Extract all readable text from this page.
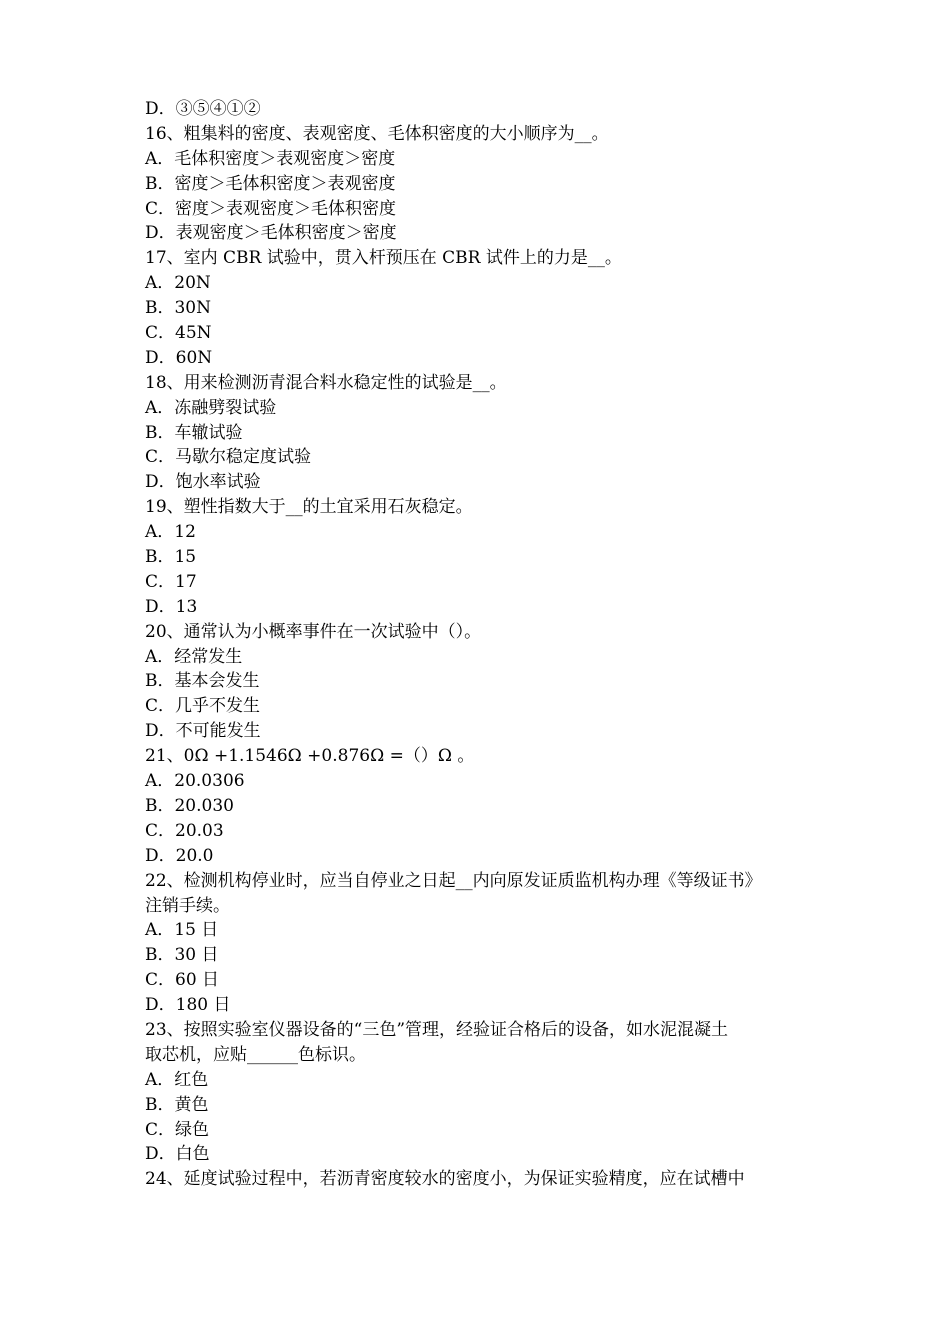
D．③⑤④①②
16、粗集料的密度、表观密度、毛体积密度的大小顺序为__。
A．毛体积密度＞表观密度＞密度
B．密度＞毛体积密度＞表观密度
C．密度＞表观密度＞毛体积密度
D．表观密度＞毛体积密度＞密度
17、室内 CBR 试验中，贯入杆预压在 CBR 试件上的力是__。
A．20N
B．30N
C．45N
D．60N
18、用来检测沥青混合料水稳定性的试验是__。
A．冻融劈裂试验
B．车辙试验
C．马歇尔稳定度试验
D．饱水率试验
19、塑性指数大于__的土宜采用石灰稳定。
A．12
B．15
C．17
D．13
20、通常认为小概率事件在一次试验中（）。
A．经常发生
B．基本会发生
C．几乎不发生
D．不可能发生
21、0Ω +1.1546Ω +0.876Ω =（）Ω 。
A．20.0306
B．20.030
C．20.03
D．20.0
22、检测机构停业时，应当自停业之日起__内向原发证质监机构办理《等级证书》
注销手续。
A．15 日
B．30 日
C．60 日
D．180 日
23、按照实验室仪器设备的“三色”管理，经验证合格后的设备，如水泥混凝土
取芯机，应贴______色标识。
A．红色
B．黄色
C．绿色
D．白色
24、延度试验过程中，若沥青密度较水的密度小，为保证实验精度，应在试槽中
